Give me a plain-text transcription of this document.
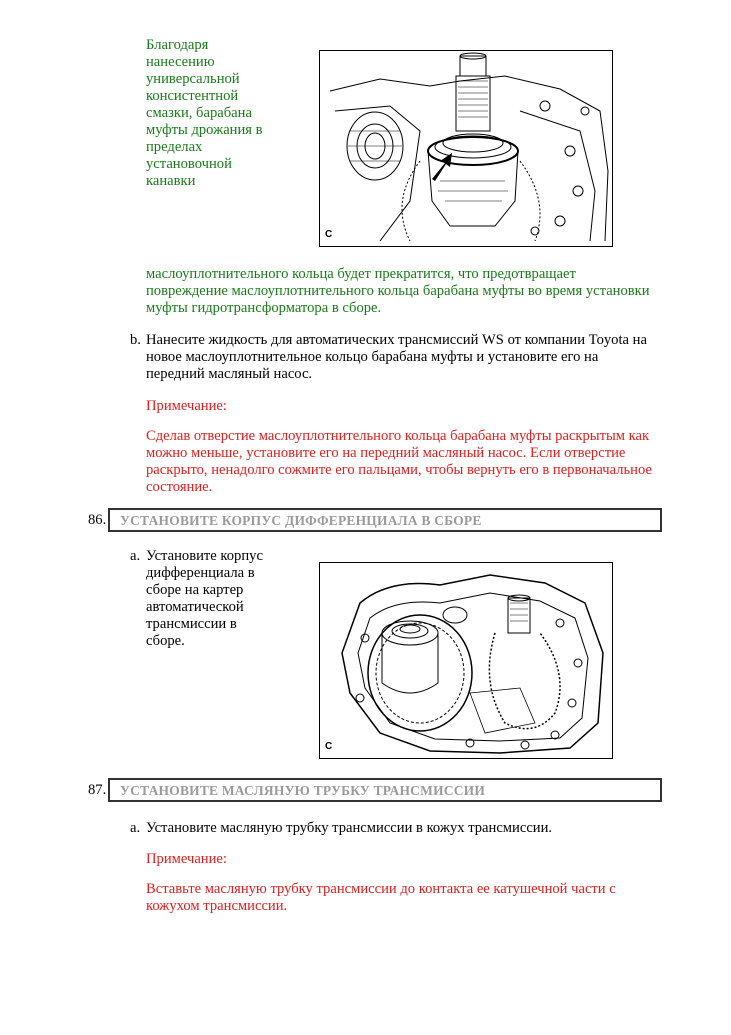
Благодаря

нанесению

универсальной

консистентной

смазки, барабана

муфты дрожания в

пределах

установочной

канавки

C

маслоуплотнительного кольца будет прекратится, что предотвращает

повреждение маслоуплотнительного кольца барабана муфты во время установки

муфты гидротрансформатора в сборе.

b. Нанесите жидкость для автоматических трансмиссий WS от компании Toyota на

новое маслоуплотнительное кольцо барабана муфты и установите его на

передний масляный насос.

Примечание:

Сделав отверстие маслоуплотнительного кольца барабана муфты раскрытым как

можно меньше, установите его на передний масляный насос. Если отверстие

раскрыто, ненадолго сожмите его пальцами, чтобы вернуть его в первоначальное

состояние.

86.	УСТАНОВИТЕ КОРПУС ДИФФЕРЕНЦИАЛА В СБОРЕ
a. Установите корпус

дифференциала в

сборе на картер

автоматической

трансмиссии в

сборе.

C
87.	УСТАНОВИТЕ МАСЛЯНУЮ ТРУБКУ ТРАНСМИССИИ
a. Установите масляную трубку трансмиссии в кожух трансмиссии.
Примечание:

Вставьте масляную трубку трансмиссии до контакта ее катушечной части с

кожухом трансмиссии.
